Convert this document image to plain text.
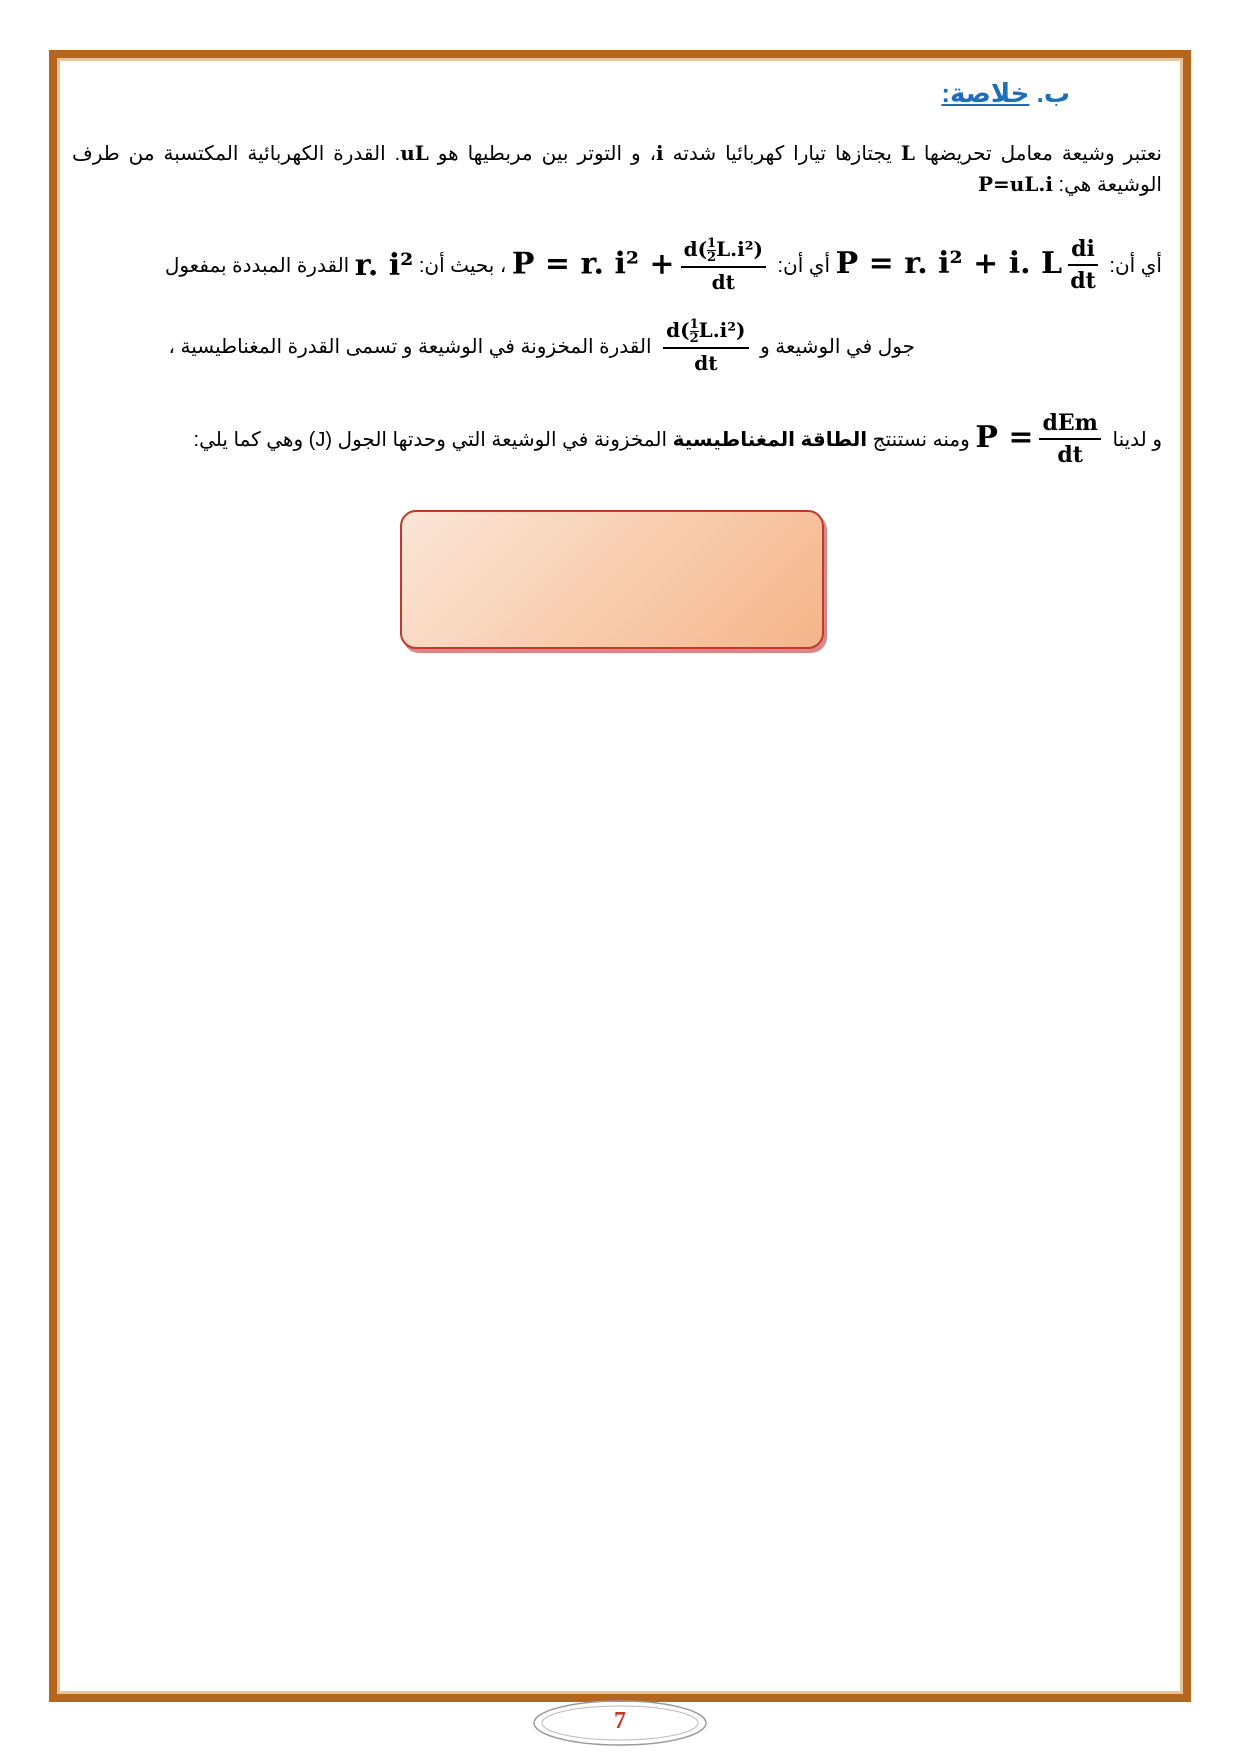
ب. خلاصة:
نعتبر وشيعة معامل تحريضها L يجتازها تيارا كهربائيا شدته i، و التوتر بين مربطيها هو uL. القدرة الكهربائية المكتسبة من طرف الوشيعة هي: P=uL.i
أي أن: P = r. i² + i. L $\frac{di}{dt}$
أي أن: P = r. $i^2 + \frac{d( \frac{1}{2} L.i^2)}{dt}$
، بحيث أن: r. i² القدرة المبددة بمفعول
جول في الوشيعة و
$\frac{d( \frac{1}{2} L.i^2)}{dt}$
القدرة المخزونة في الوشيعة و تسمى القدرة المغناطيسية ،
و لدينا $P = \frac{\text{dEm}}{dt}$
ومنه نستنتج الطاقة المغناطيسية المخزونة في الوشيعة التي وحدتها الجول (J) وهي كما يلي:
7
